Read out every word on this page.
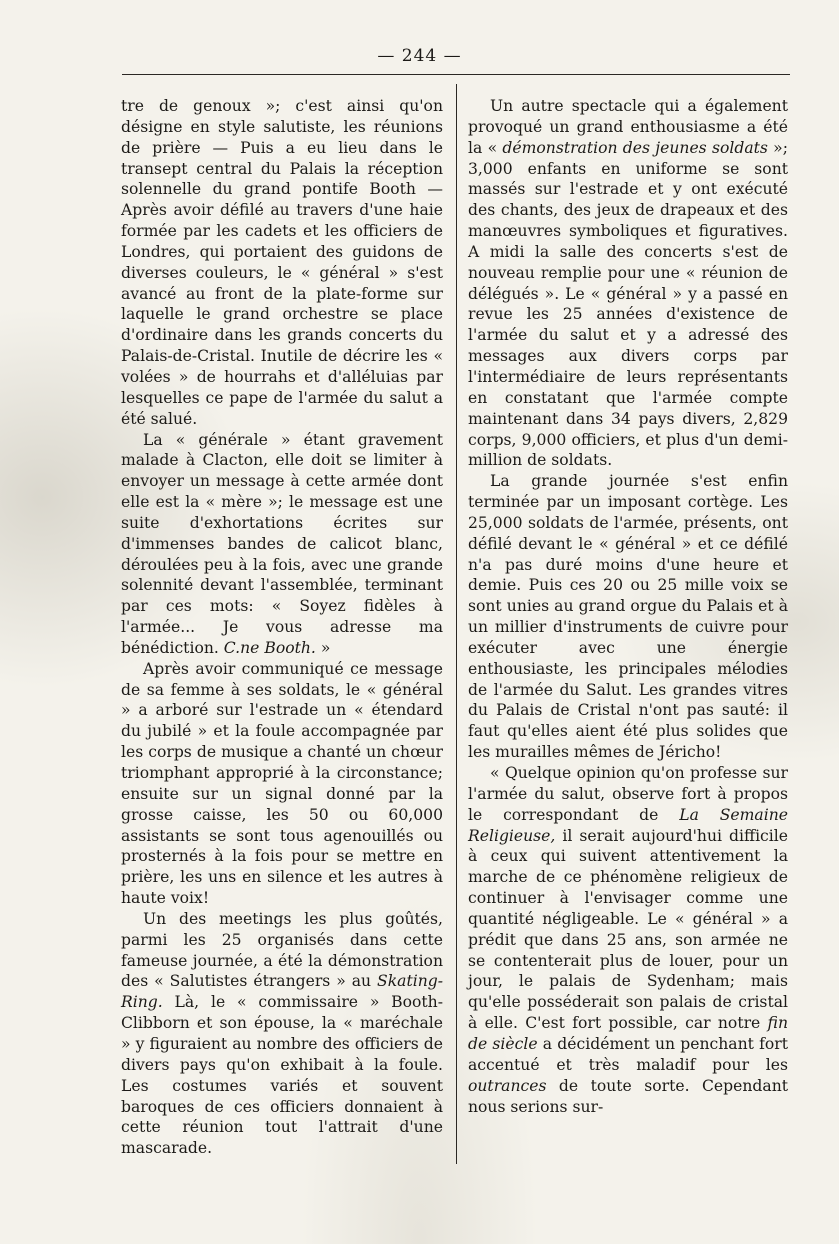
— 244 —

tre de genoux »; c'est ainsi qu'on désigne en style salutiste, les réunions de prière — Puis a eu lieu dans le transept central du Palais la réception solennelle du grand pontife Booth — Après avoir défilé au travers d'une haie formée par les cadets et les officiers de Londres, qui portaient des guidons de diverses couleurs, le « général » s'est avancé au front de la plate-forme sur laquelle le grand orchestre se place d'ordinaire dans les grands concerts du Palais-de-Cristal. Inutile de décrire les « volées » de hourrahs et d'alléluias par lesquelles ce pape de l'armée du salut a été salué.

La « générale » étant gravement malade à Clacton, elle doit se limiter à envoyer un message à cette armée dont elle est la « mère »; le message est une suite d'exhortations écrites sur d'immenses bandes de calicot blanc, déroulées peu à la fois, avec une grande solennité devant l'assemblée, terminant par ces mots: « Soyez fidèles à l'armée... Je vous adresse ma bénédiction. C.ne Booth. »

Après avoir communiqué ce message de sa femme à ses soldats, le « général » a arboré sur l'estrade un « étendard du jubilé » et la foule accompagnée par les corps de musique a chanté un chœur triomphant approprié à la circonstance; ensuite sur un signal donné par la grosse caisse, les 50 ou 60,000 assistants se sont tous agenouillés ou prosternés à la fois pour se mettre en prière, les uns en silence et les autres à haute voix!

Un des meetings les plus goûtés, parmi les 25 organisés dans cette fameuse journée, a été la démonstration des « Salutistes étrangers » au Skating-Ring. Là, le « commissaire » Booth-Clibborn et son épouse, la « maréchale » y figuraient au nombre des officiers de divers pays qu'on exhibait à la foule. Les costumes variés et souvent baroques de ces officiers donnaient à cette réunion tout l'attrait d'une mascarade.

Un autre spectacle qui a également provoqué un grand enthousiasme a été la « démonstration des jeunes soldats »; 3,000 enfants en uniforme se sont massés sur l'estrade et y ont exécuté des chants, des jeux de drapeaux et des manœuvres symboliques et figuratives. A midi la salle des concerts s'est de nouveau remplie pour une « réunion de délégués ». Le « général » y a passé en revue les 25 années d'existence de l'armée du salut et y a adressé des messages aux divers corps par l'intermédiaire de leurs représentants en constatant que l'armée compte maintenant dans 34 pays divers, 2,829 corps, 9,000 officiers, et plus d'un demi-million de soldats.

La grande journée s'est enfin terminée par un imposant cortège. Les 25,000 soldats de l'armée, présents, ont défilé devant le « général » et ce défilé n'a pas duré moins d'une heure et demie. Puis ces 20 ou 25 mille voix se sont unies au grand orgue du Palais et à un millier d'instruments de cuivre pour exécuter avec une énergie enthousiaste, les principales mélodies de l'armée du Salut. Les grandes vitres du Palais de Cristal n'ont pas sauté: il faut qu'elles aient été plus solides que les murailles mêmes de Jéricho!

« Quelque opinion qu'on professe sur l'armée du salut, observe fort à propos le correspondant de La Semaine Religieuse, il serait aujourd'hui difficile à ceux qui suivent attentivement la marche de ce phénomène religieux de continuer à l'envisager comme une quantité négligeable. Le « général » a prédit que dans 25 ans, son armée ne se contenterait plus de louer, pour un jour, le palais de Sydenham; mais qu'elle posséderait son palais de cristal à elle. C'est fort possible, car notre fin de siècle a décidément un penchant fort accentué et très maladif pour les outrances de toute sorte. Cependant nous serions sur-
